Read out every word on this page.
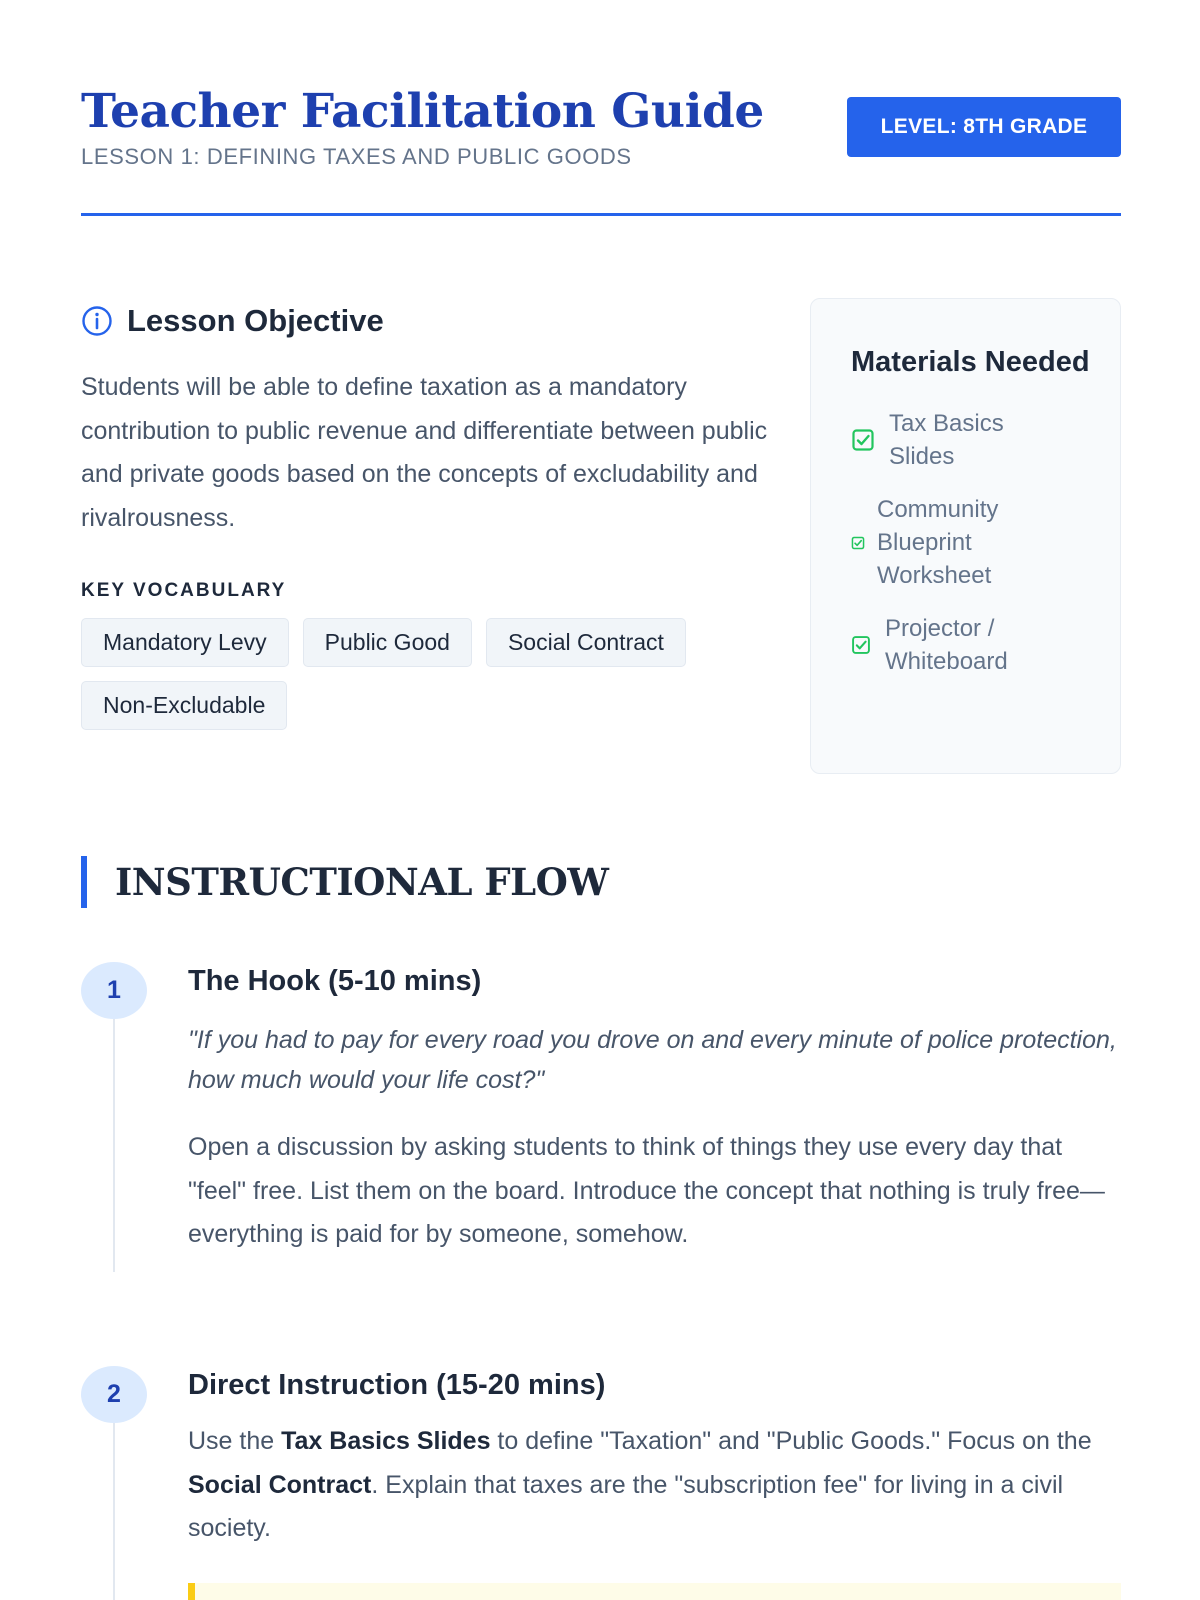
Teacher Facilitation Guide
LESSON 1: DEFINING TAXES AND PUBLIC GOODS
LEVEL: 8TH GRADE
Lesson Objective

Students will be able to define taxation as a mandatory contribution to public revenue and differentiate between public and private goods based on the concepts of excludability and rivalrousness.

KEY VOCABULARY
Mandatory Levy	Public Good	Social Contract
Non-Excludable
Materials Needed
Tax Basics Slides
Community Blueprint Worksheet
Projector / Whiteboard
INSTRUCTIONAL FLOW
1	The Hook (5-10 mins)

"If you had to pay for every road you drove on and every minute of police protection, how much would your life cost?"

Open a discussion by asking students to think of things they use every day that "feel" free. List them on the board. Introduce the concept that nothing is truly free—everything is paid for by someone, somehow.

2	Direct Instruction (15-20 mins)

Use the Tax Basics Slides to define "Taxation" and "Public Goods." Focus on the Social Contract. Explain that taxes are the "subscription fee" for living in a civil society.
